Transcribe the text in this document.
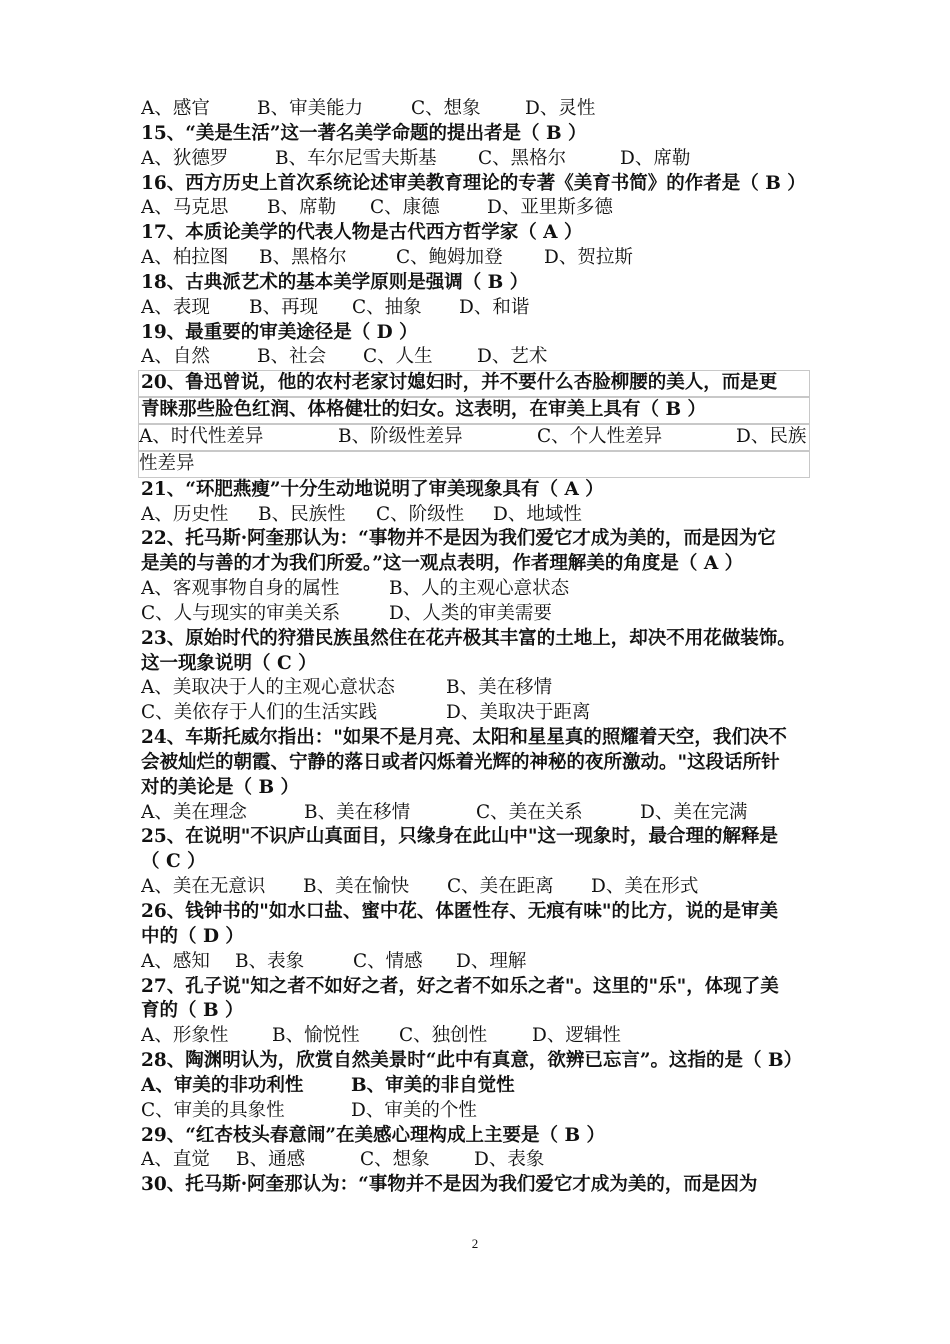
A、感官	B、审美能力	C、想象 D、灵性
15、“美是生活”这一著名美学命题的提出者是（ B ）
A、狄德罗	B、车尔尼雪夫斯基 C、黑格尔	D、席勒
16、西方历史上首次系统论述审美教育理论的专著《美育书简》的作者是（ B ）
A、马克思 B、席勒 C、康德	D、亚里斯多德
17、本质论美学的代表人物是古代西方哲学家（ A ）
A、柏拉图 B、黑格尔	C、鲍姆加登 D、贺拉斯
18、古典派艺术的基本美学原则是强调（ B ）
A、表现 B、再现 C、抽象 D、和谐
19、最重要的审美途径是（ D ）
A、自然	B、社会 C、人生 D、艺术
20、鲁迅曾说，他的农村老家讨媳妇时，并不要什么杏脸柳腰的美人，而是更
青睐那些脸色红润、体格健壮的妇女。这表明，在审美上具有（ B ）
A、时代性差异	B、阶级性差异	C、个人性差异	D、民族
性差异
21、“环肥燕瘦”十分生动地说明了审美现象具有（ A ）
A、历史性 B、民族性 C、阶级性 D、地域性
22、托马斯·阿奎那认为：“事物并不是因为我们爱它才成为美的，而是因为它
是美的与善的才为我们所爱。”这一观点表明，作者理解美的角度是（ A ）
A、客观事物自身的属性	B、人的主观心意状态
C、人与现实的审美关系	D、人类的审美需要
23、原始时代的狩猎民族虽然住在花卉极其丰富的土地上，却决不用花做装饰。
这一现象说明（ C ）
A、美取决于人的主观心意状态	B、美在移情
C、美依存于人们的生活实践	D、美取决于距离
24、车斯托威尔指出："如果不是月亮、太阳和星星真的照耀着天空，我们决不
会被灿烂的朝霞、宁静的落日或者闪烁着光辉的神秘的夜所激动。"这段话所针
对的美论是（ B ）
A、美在理念	B、美在移情	C、美在关系	D、美在完满
25、在说明"不识庐山真面目，只缘身在此山中"这一现象时，最合理的解释是
（ C ）
A、美在无意识 B、美在愉快 C、美在距离 D、美在形式
26、钱钟书的"如水口盐、蜜中花、体匿性存、无痕有味"的比方，说的是审美
中的（ D ）
A、感知 B、表象	C、情感 D、理解
27、孔子说"知之者不如好之者，好之者不如乐之者"。这里的"乐"，体现了美
育的（ B ）
A、形象性 B、愉悦性 C、独创性 D、逻辑性
28、陶渊明认为，欣赏自然美景时“此中有真意，欲辨已忘言”。这指的是（ B）
A、审美的非功利性	B、审美的非自觉性
C、审美的具象性	D、审美的个性
29、“红杏枝头春意闹”在美感心理构成上主要是（ B ）
A、直觉 B、通感	C、想象 D、表象
30、托马斯·阿奎那认为：“事物并不是因为我们爱它才成为美的，而是因为
2
